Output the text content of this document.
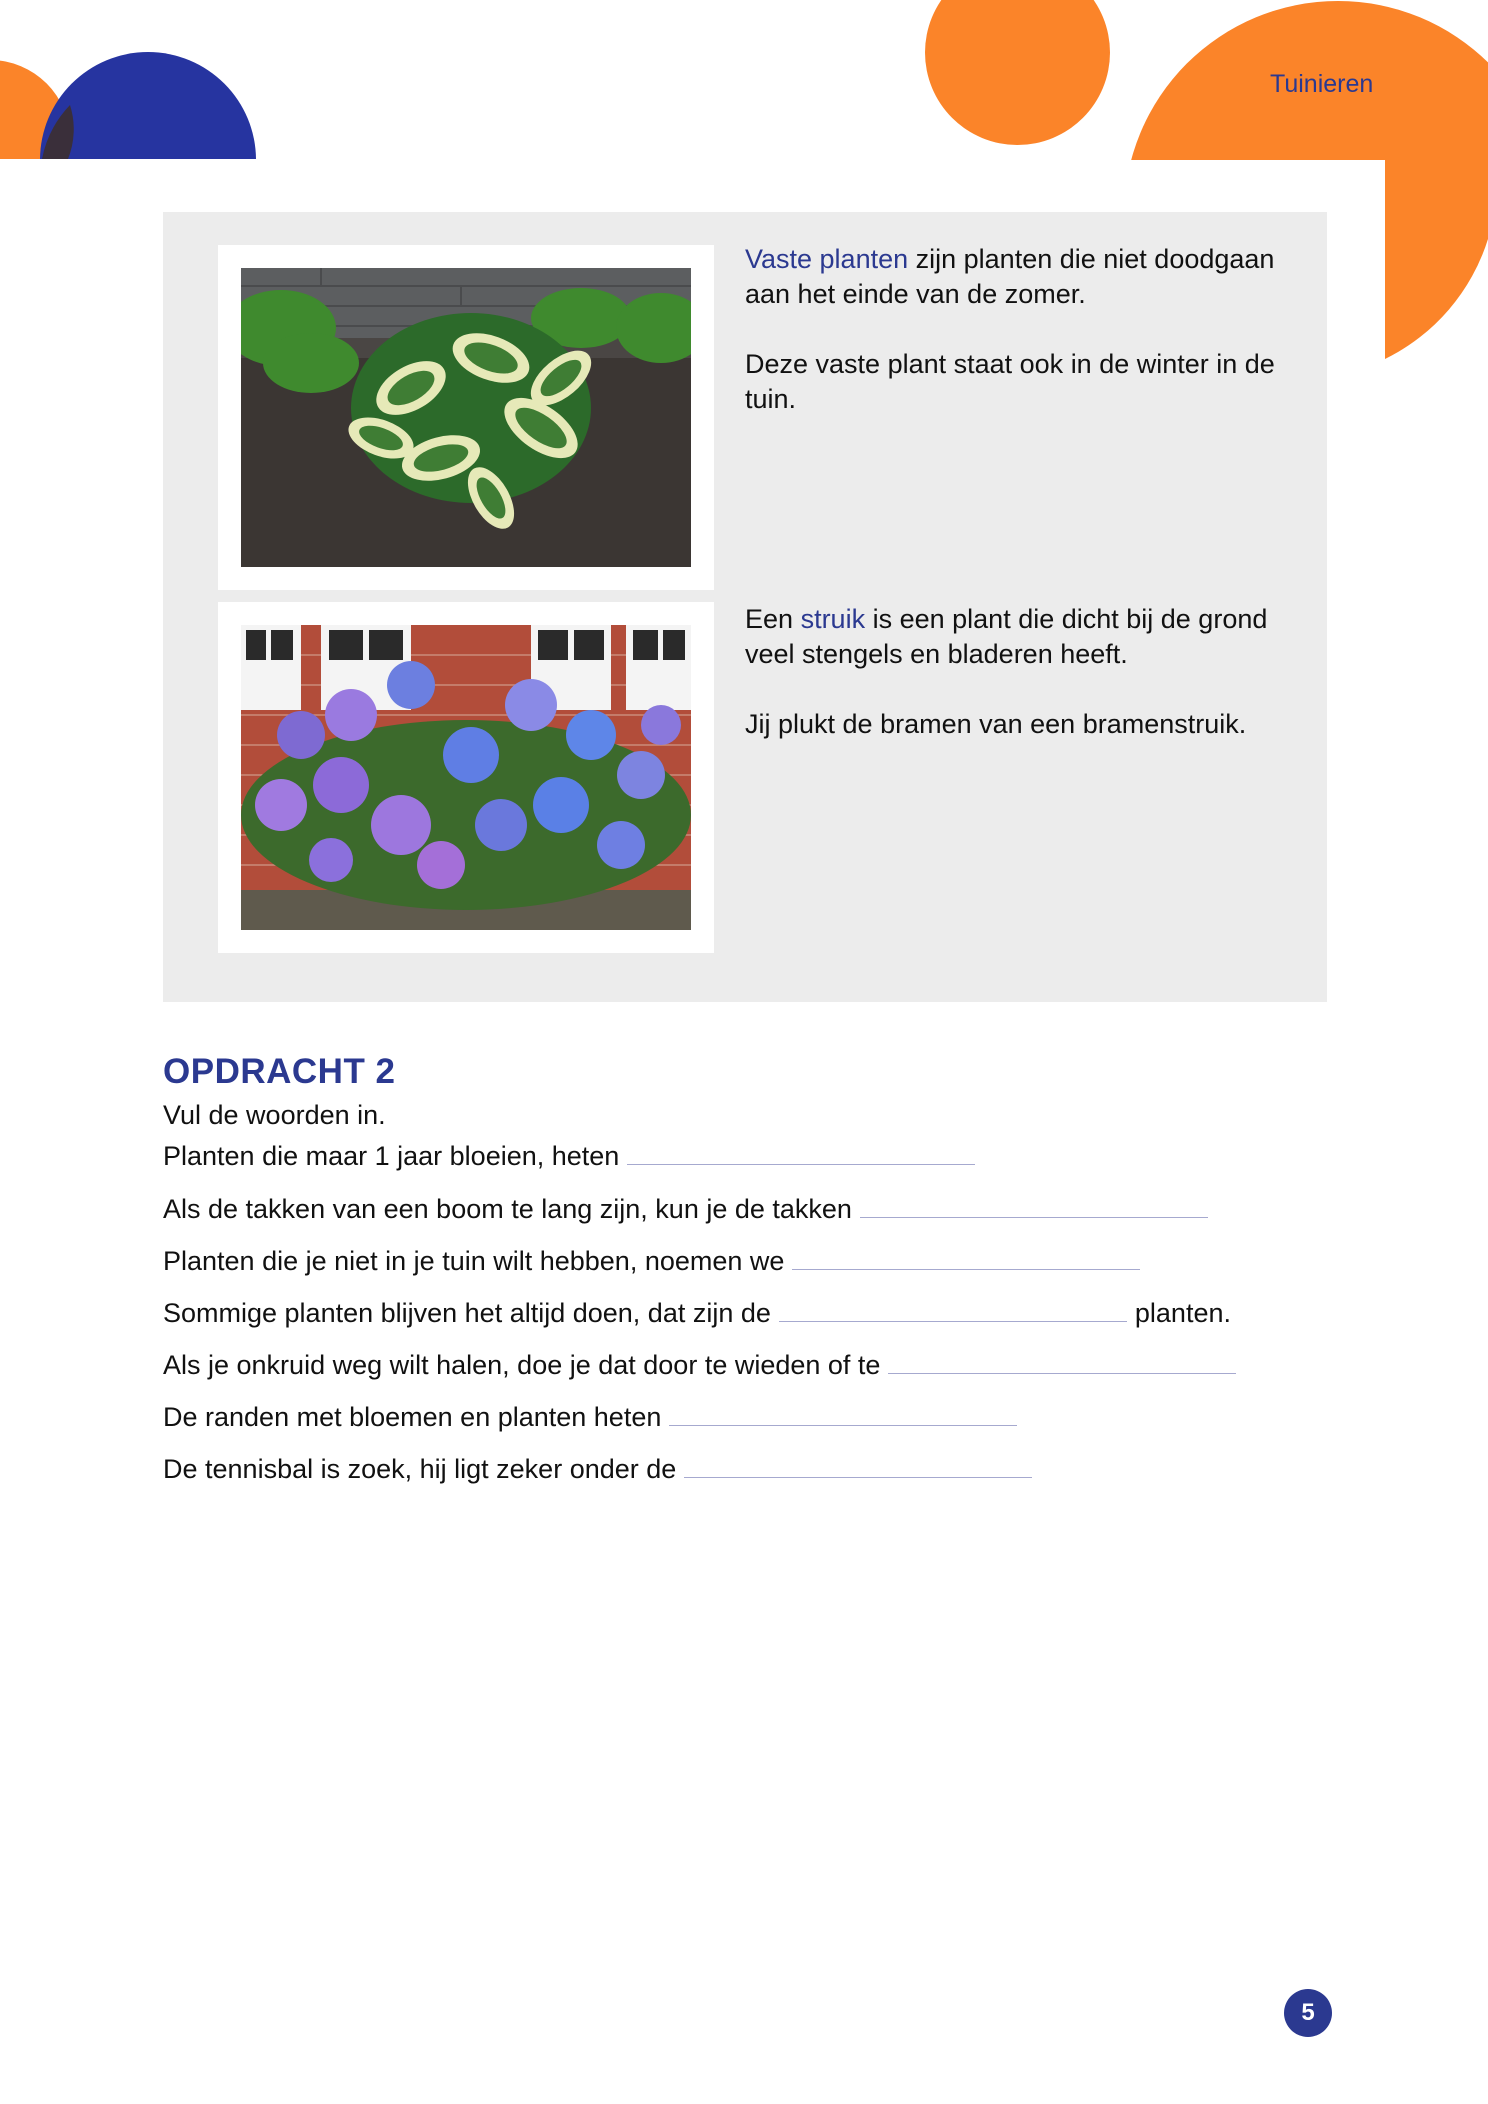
Tuinieren

Vaste planten zijn planten die niet doodgaan aan het einde van de zomer.

Deze vaste plant staat ook in de winter in de tuin.

Een struik is een plant die dicht bij de grond veel stengels en bladeren heeft.

Jij plukt de bramen van een bramenstruik.

OPDRACHT 2
Vul de woorden in.
Planten die maar 1 jaar bloeien, heten
Als de takken van een boom te lang zijn, kun je de takken
Planten die je niet in je tuin wilt hebben, noemen we
Sommige planten blijven het altijd doen, dat zijn de	planten.
Als je onkruid weg wilt halen, doe je dat door te wieden of te
De randen met bloemen en planten heten
De tennisbal is zoek, hij ligt zeker onder de
5
